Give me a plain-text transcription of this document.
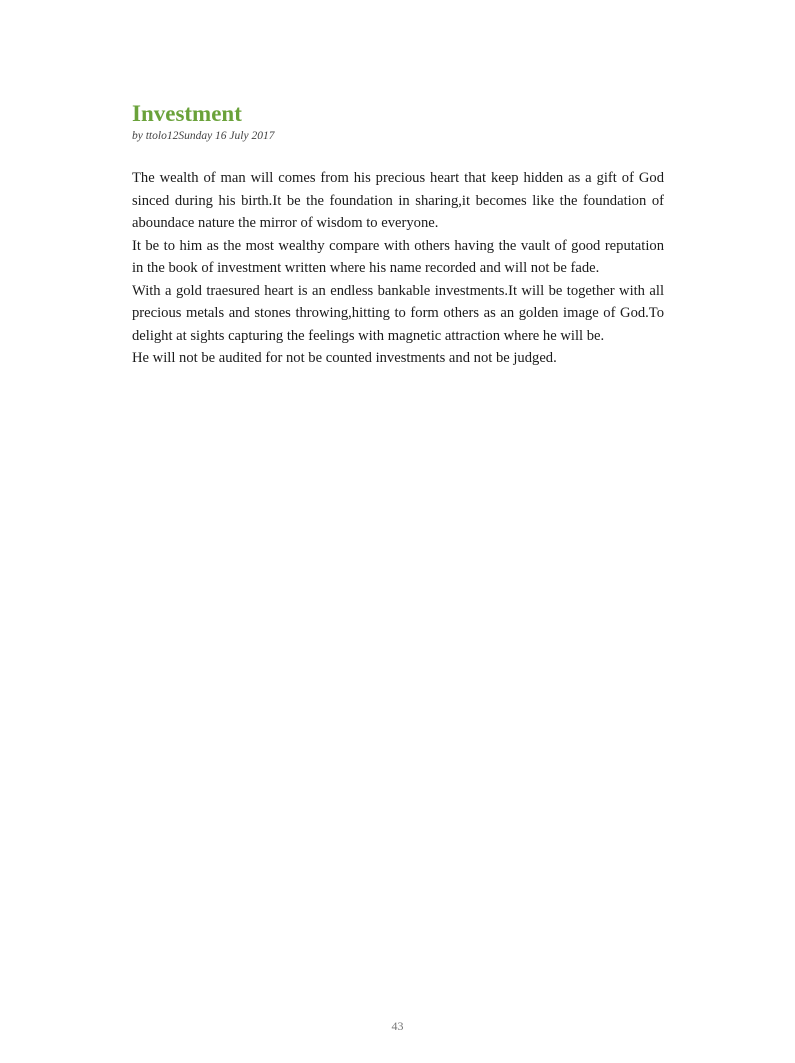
Investment

by ttolo12Sunday 16 July 2017

The wealth of man will comes from his precious heart that keep hidden as a gift of God sinced during his birth.It be the foundation in sharing,it becomes like the foundation of aboundace nature the mirror of wisdom to everyone.

It be to him as the most wealthy compare with others having the vault of good reputation in the book of investment written where his name recorded and will not be fade.

With a gold traesured heart is an endless bankable investments.It will be together with all precious metals and stones throwing,hitting to form others as an golden image of God.To delight at sights capturing the feelings with magnetic attraction where he will be.

He will not be audited for not be counted investments and not be judged.

43
